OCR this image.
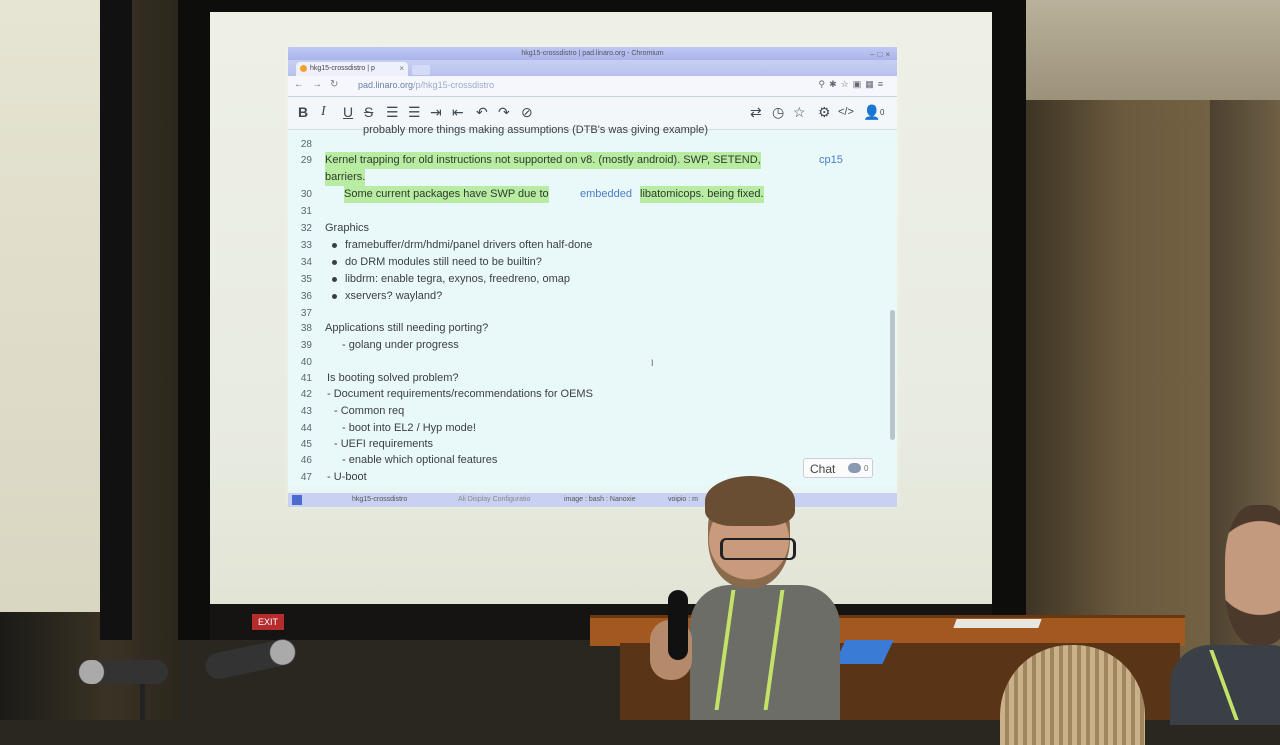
EXIT
hkg15-crossdistro | pad.linaro.org - Chromium	–□×
hkg15-crossdistro | p	×
← → ↻ pad.linaro.org/p/hkg15-crossdistro	⚲✱☆▣▦≡
B I U S ☰ ☰ ⇥ ⇤ ↶ ↷ ⊘	⇄ ◷ ☆ ⚙ </> 👤 0
probably more things making assumptions (DTB's was giving example)
28
29 Kernel trapping for old instructions not supported on v8. (mostly android). SWP, SETEND,	cp15
barriers.
30	Some current packages have SWP due to	embedded libatomicops. being fixed.
31
32 Graphics
33	framebuffer/drm/hdmi/panel drivers often half-done
34	do DRM modules still need to be builtin?
35	libdrm: enable tegra, exynos, freedreno, omap
36	xservers? wayland?
37
38 Applications still needing porting?
39	- golang under progress
40
41 Is booting solved problem?
42 - Document requirements/recommendations for OEMS
43 - Common req
44	- boot into EL2 / Hyp mode!
45 - UEFI requirements
46	- enable which optional features
47 - U-boot
I
Chat	0
hkg15-crossdistro	Ali Display Configuratio	image : bash : Nanoxie	voipio : m
